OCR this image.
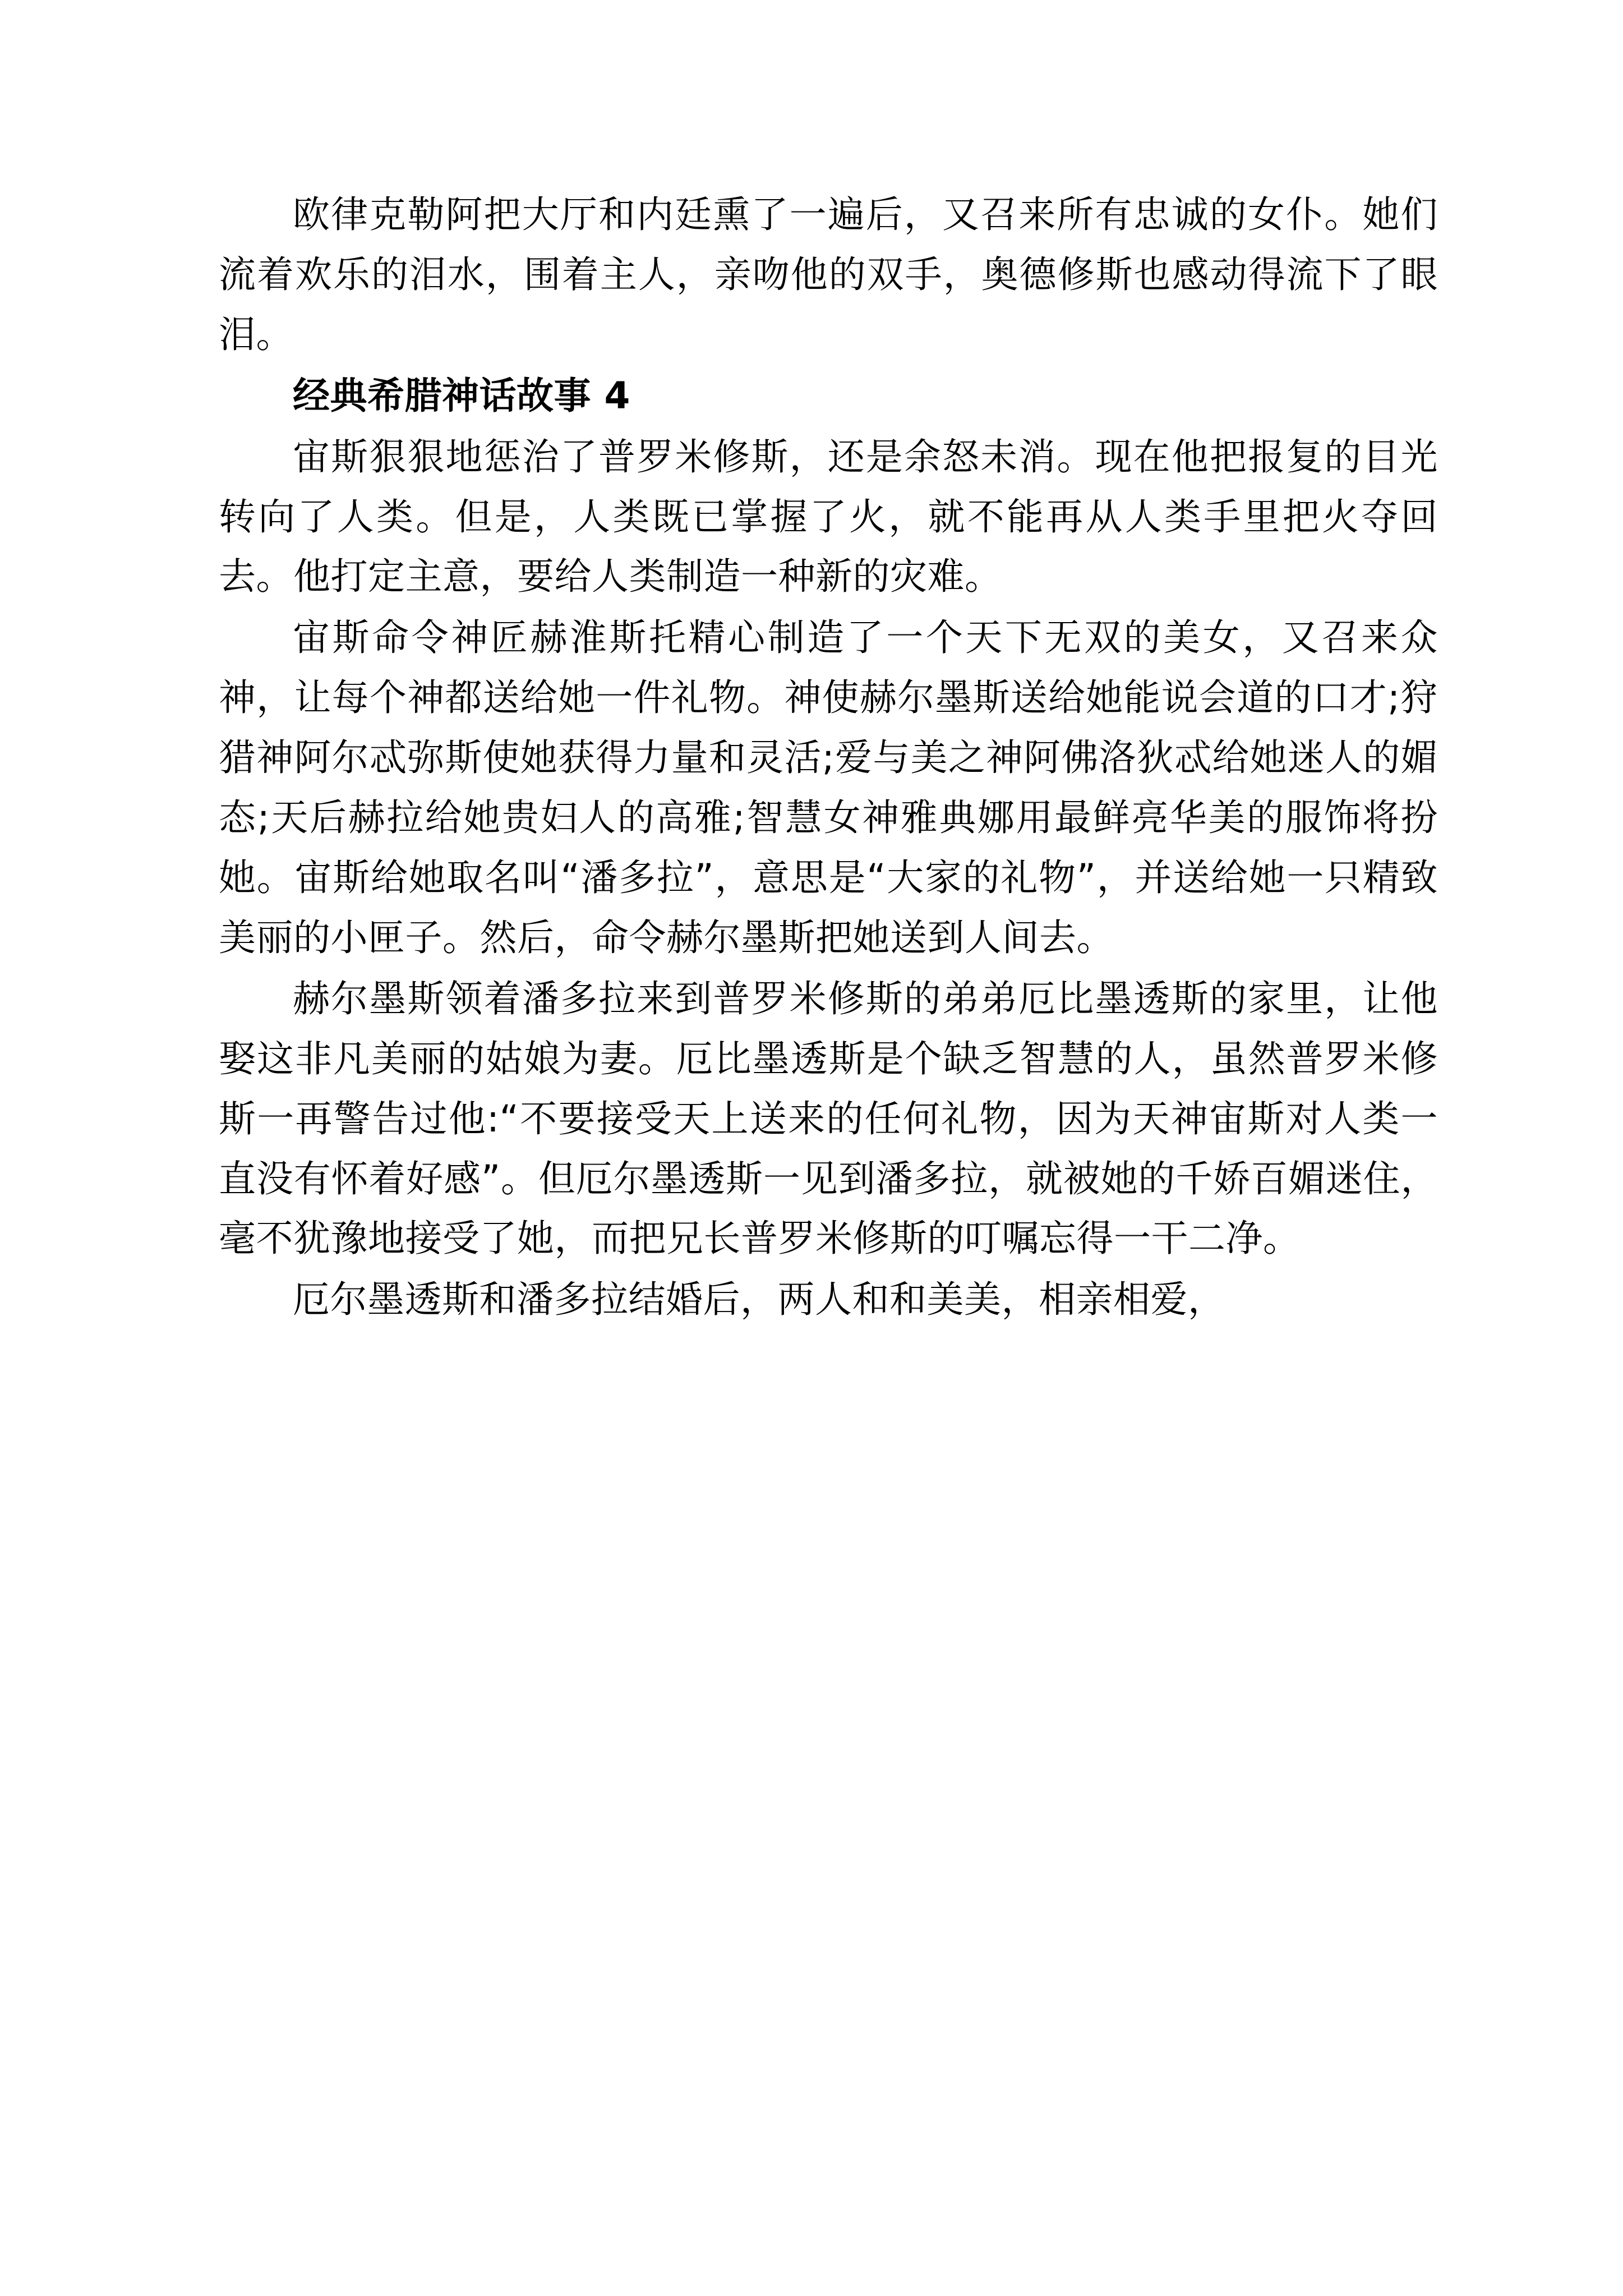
欧律克勒阿把大厅和内廷熏了一遍后，又召来所有忠诚的女仆。她们流着欢乐的泪水，围着主人，亲吻他的双手，奥德修斯也感动得流下了眼泪。

经典希腊神话故事 4

宙斯狠狠地惩治了普罗米修斯，还是余怒未消。现在他把报复的目光转向了人类。但是，人类既已掌握了火，就不能再从人类手里把火夺回去。他打定主意，要给人类制造一种新的灾难。

宙斯命令神匠赫淮斯托精心制造了一个天下无双的美女，又召来众神，让每个神都送给她一件礼物。神使赫尔墨斯送给她能说会道的口才;狩猎神阿尔忒弥斯使她获得力量和灵活;爱与美之神阿佛洛狄忒给她迷人的媚态;天后赫拉给她贵妇人的高雅;智慧女神雅典娜用最鲜亮华美的服饰将扮她。宙斯给她取名叫“潘多拉”，意思是“大家的礼物”，并送给她一只精致美丽的小匣子。然后，命令赫尔墨斯把她送到人间去。

赫尔墨斯领着潘多拉来到普罗米修斯的弟弟厄比墨透斯的家里，让他娶这非凡美丽的姑娘为妻。厄比墨透斯是个缺乏智慧的人，虽然普罗米修斯一再警告过他:“不要接受天上送来的任何礼物，因为天神宙斯对人类一直没有怀着好感”。但厄尔墨透斯一见到潘多拉，就被她的千娇百媚迷住，毫不犹豫地接受了她，而把兄长普罗米修斯的叮嘱忘得一干二净。

厄尔墨透斯和潘多拉结婚后，两人和和美美，相亲相爱，
